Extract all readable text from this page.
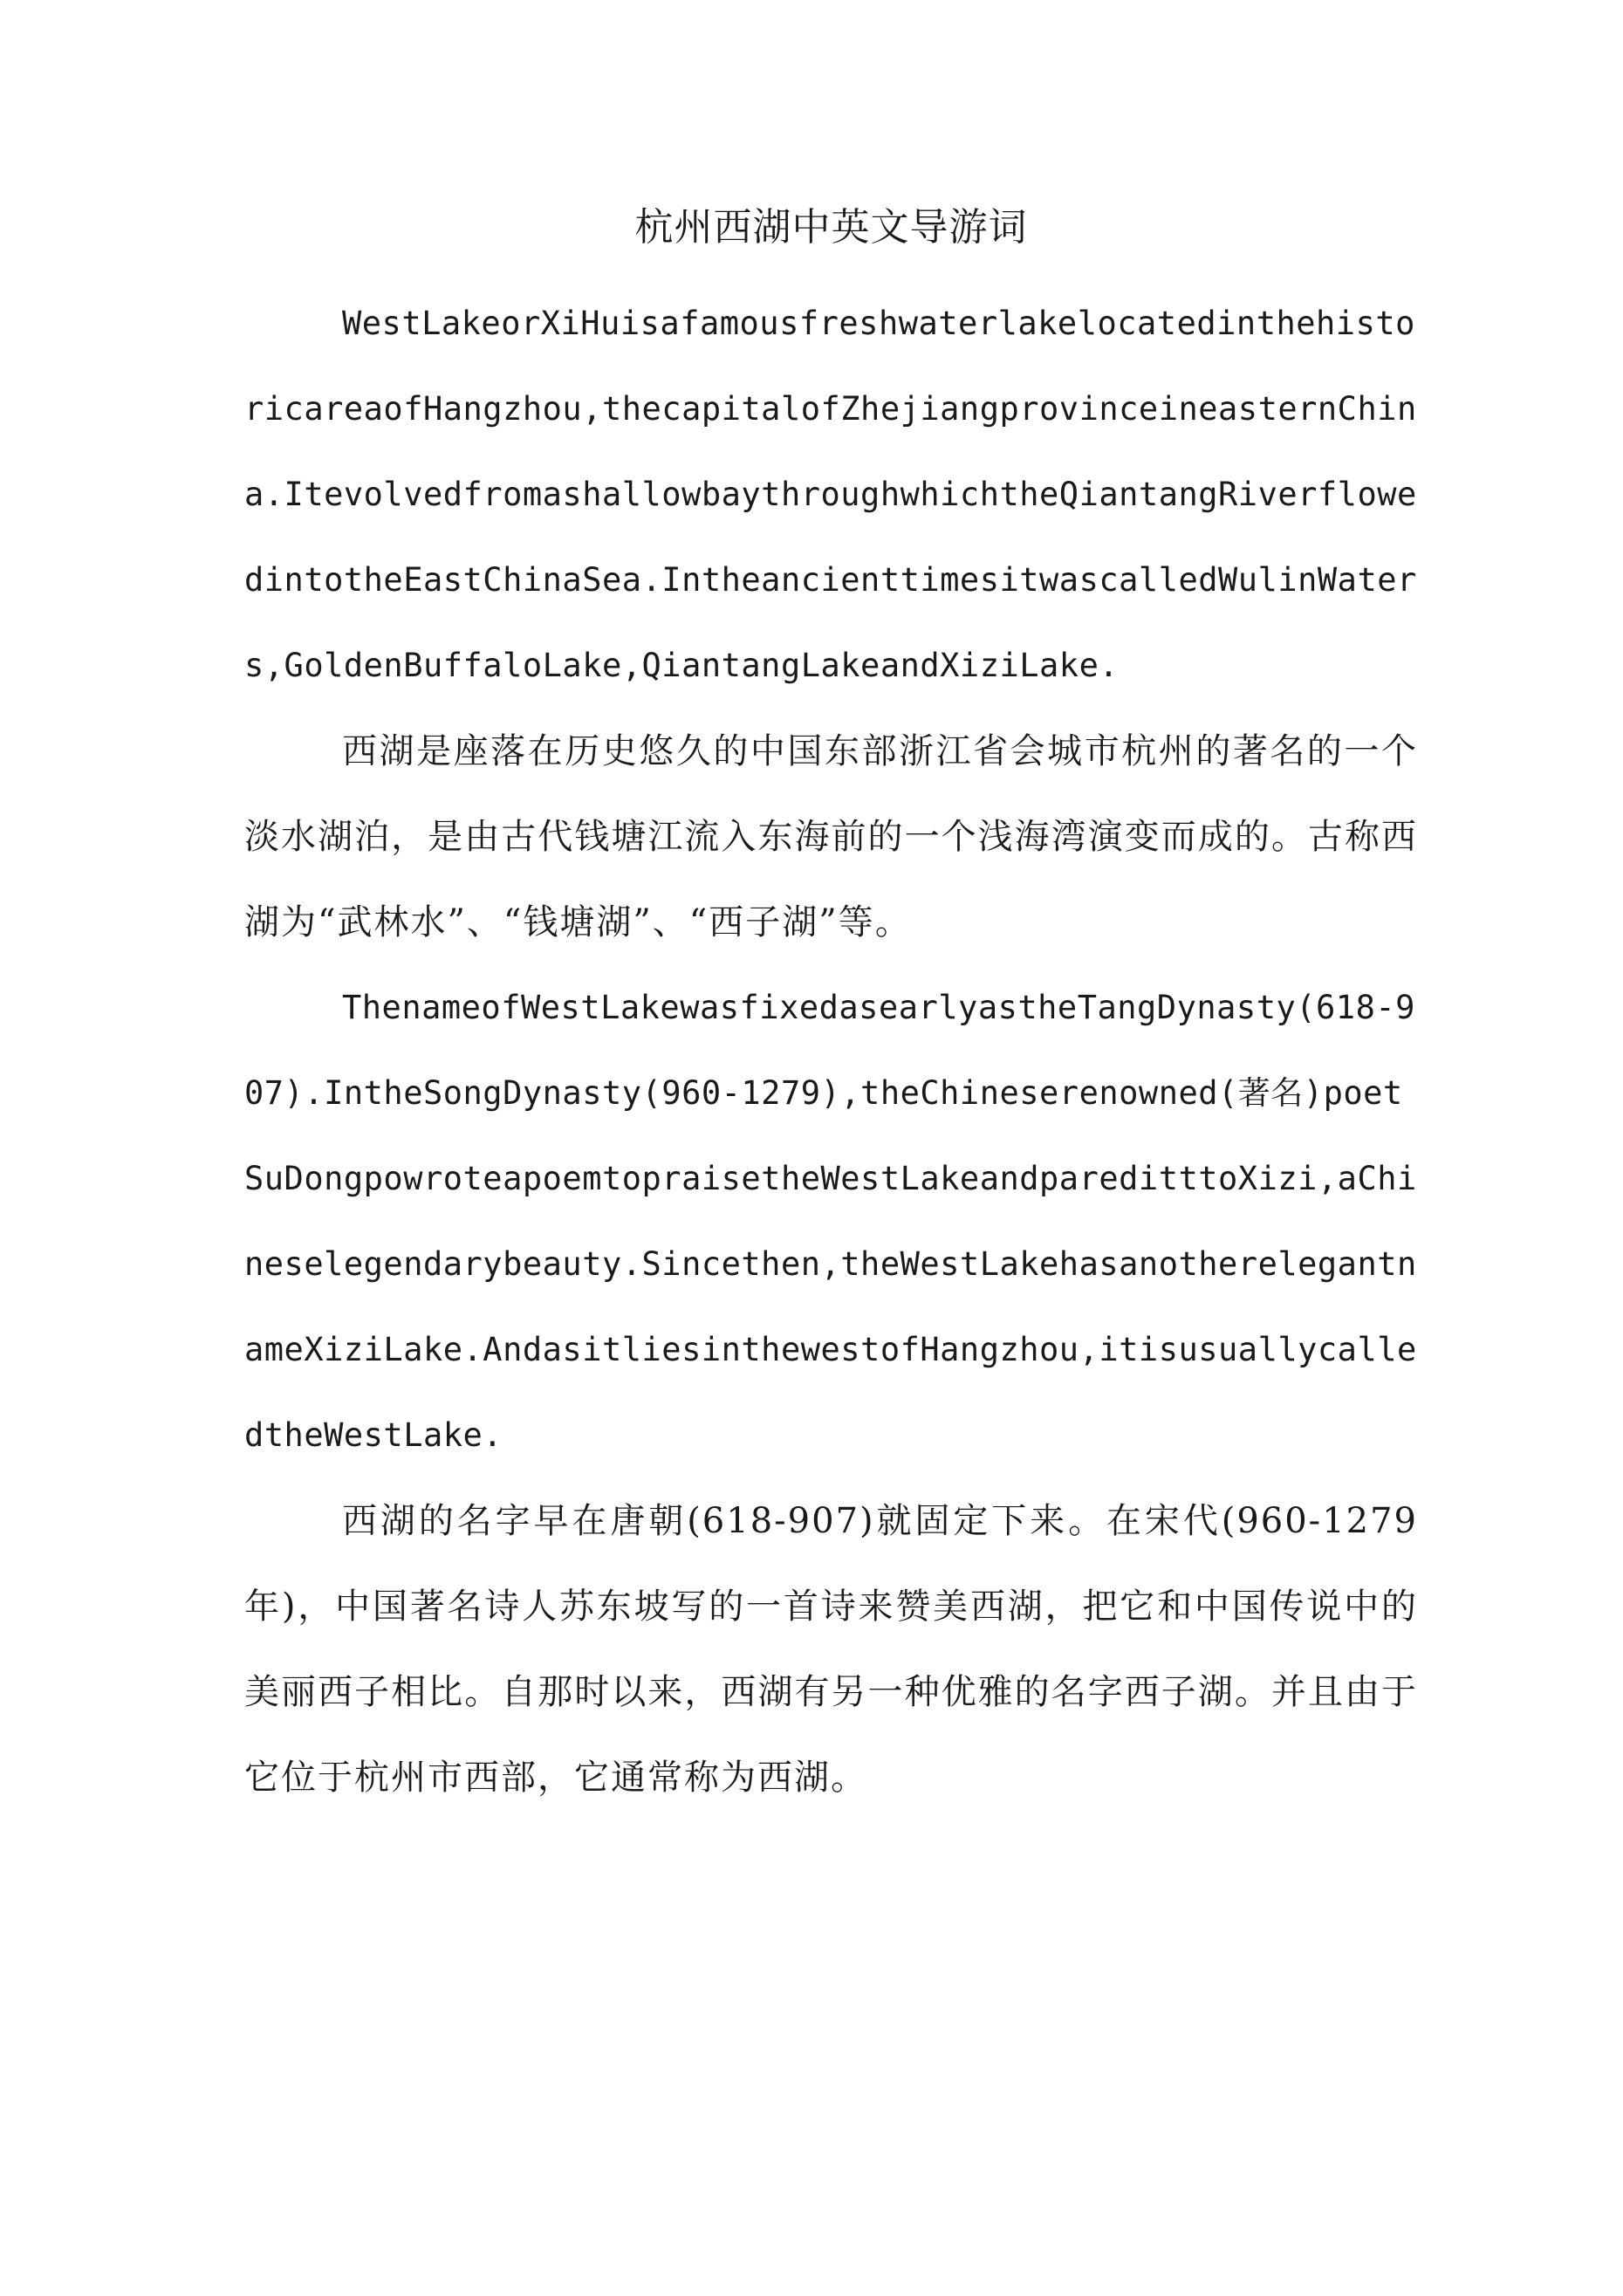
杭州西湖中英文导游词

WestLakeorXiHuisafamousfreshwaterlakelocatedinthehistoricareaofHangzhou,thecapitalofZhejiangprovinceineasternChina.ItevolvedfromashallowbaythroughwhichtheQiantangRiverflowedintotheEastChinaSea.IntheancienttimesitwascalledWulinWaters,GoldenBuffaloLake,QiantangLakeandXiziLake.

西湖是座落在历史悠久的中国东部浙江省会城市杭州的著名的一个淡水湖泊，是由古代钱塘江流入东海前的一个浅海湾演变而成的。古称西湖为“武林水”、“钱塘湖”、“西子湖”等。

ThenameofWestLakewasfixedasearlyastheTangDynasty(618-907).IntheSongDynasty(960-1279),theChineserenowned(著名)poetSuDongpowroteapoemtopraisetheWestLakeandpareditttoXizi,aChineselegendarybeauty.Sincethen,theWestLakehasanotherelegantnameXiziLake.AndasitliesinthewestofHangzhou,itisusuallycalledtheWestLake.

西湖的名字早在唐朝(618-907)就固定下来。在宋代(960-1279年)，中国著名诗人苏东坡写的一首诗来赞美西湖，把它和中国传说中的美丽西子相比。自那时以来，西湖有另一种优雅的名字西子湖。并且由于它位于杭州市西部，它通常称为西湖。
